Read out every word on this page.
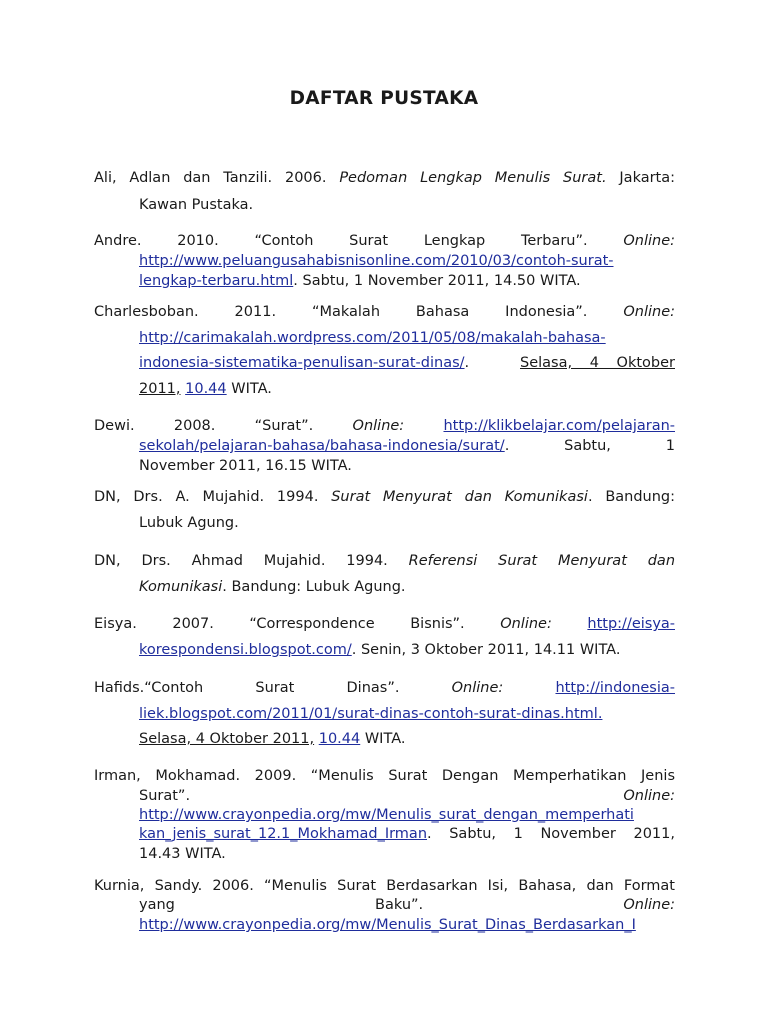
DAFTAR PUSTAKA
Ali, Adlan dan Tanzili. 2006. Pedoman Lengkap Menulis Surat. Jakarta:
Kawan Pustaka.
Andre. 2010. “Contoh Surat Lengkap Terbaru”. Online:
http://www.peluangusahabisnisonline.com/2010/03/contoh-surat-
lengkap-terbaru.html. Sabtu, 1 November 2011, 14.50 WITA.
Charlesboban. 2011. “Makalah Bahasa Indonesia”. Online:
http://carimakalah.wordpress.com/2011/05/08/makalah-bahasa-
indonesia-sistematika-penulisan-surat-dinas/.	Selasa, 4 Oktober
2011, 10.44 WITA.
Dewi. 2008. “Surat”.	Online:	http://klikbelajar.com/pelajaran-
sekolah/pelajaran-bahasa/bahasa-indonesia/surat/. Sabtu, 1
November 2011, 16.15 WITA.
DN, Drs. A. Mujahid. 1994. Surat Menyurat dan Komunikasi. Bandung:
Lubuk Agung.
DN, Drs. Ahmad Mujahid. 1994. Referensi Surat Menyurat dan
Komunikasi. Bandung: Lubuk Agung.
Eisya. 2007. “Correspondence Bisnis”. Online: http://eisya-
korespondensi.blogspot.com/. Senin, 3 Oktober 2011, 14.11 WITA.
Hafids.“Contoh Surat Dinas”.	Online:	http://indonesia-
liek.blogspot.com/2011/01/surat-dinas-contoh-surat-dinas.html.
Selasa, 4 Oktober 2011, 10.44 WITA.
Irman, Mokhamad. 2009. “Menulis Surat Dengan Memperhatikan Jenis
Surat”.	Online:
http://www.crayonpedia.org/mw/Menulis_surat_dengan_memperhati
kan_jenis_surat_12.1_Mokhamad_Irman. Sabtu, 1 November 2011,
14.43 WITA.
Kurnia, Sandy. 2006. “Menulis Surat Berdasarkan Isi, Bahasa, dan Format
yang Baku”.	Online:
http://www.crayonpedia.org/mw/Menulis_Surat_Dinas_Berdasarkan_I
